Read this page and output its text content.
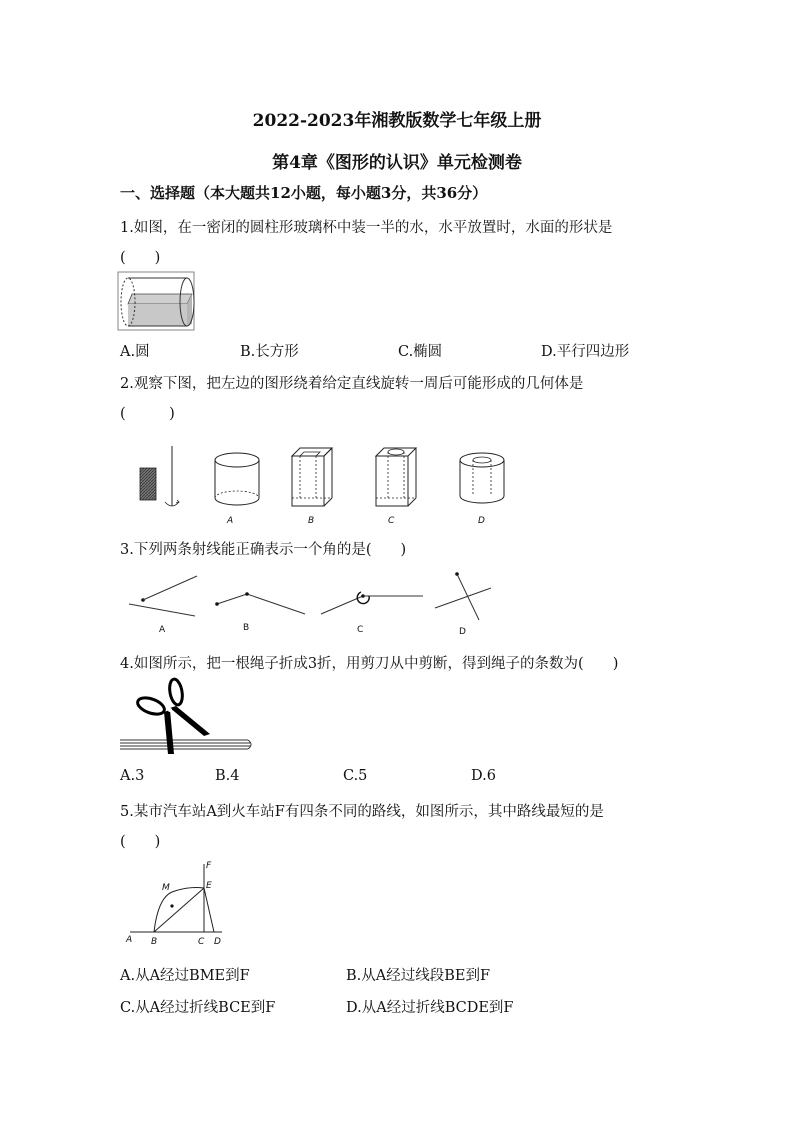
2022-2023年湘教版数学七年级上册
第4章《图形的认识》单元检测卷
一、选择题（本大题共12小题，每小题3分，共36分）
1.如图，在一密闭的圆柱形玻璃杯中装一半的水，水平放置时，水面的形状是
(　　)
A.圆	B.长方形	C.椭圆	D.平行四边形
2.观察下图，把左边的图形绕着给定直线旋转一周后可能形成的几何体是
(　　　)
A	B	C	D
3.下列两条射线能正确表示一个角的是(　　)
A	B	C	D
4.如图所示，把一根绳子折成3折，用剪刀从中剪断，得到绳子的条数为(　　)
A.3	B.4	C.5	D.6
5.某市汽车站A到火车站F有四条不同的路线，如图所示，其中路线最短的是
(　　)
F
E
M
A B	C D
A.从A经过BME到F	B.从A经过线段BE到F
C.从A经过折线BCE到F	D.从A经过折线BCDE到F
